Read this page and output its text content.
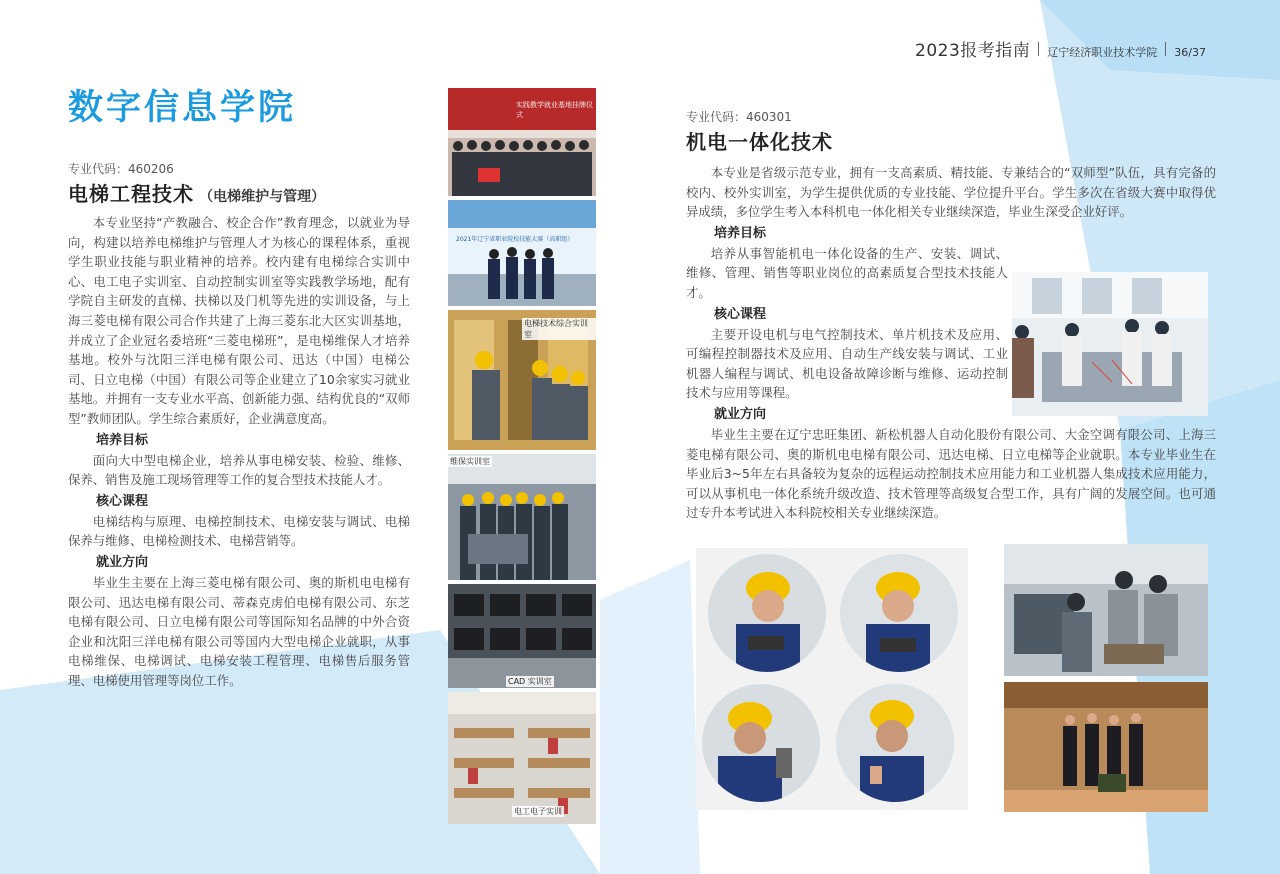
2023报考指南 辽宁经济职业技术学院 36/37
数字信息学院
专业代码：460206
电梯工程技术 （电梯维护与管理）

本专业坚持“产教融合、校企合作”教育理念，以就业为导向，构建以培养电梯维护与管理人才为核心的课程体系，重视学生职业技能与职业精神的培养。校内建有电梯综合实训中心、电工电子实训室、自动控制实训室等实践教学场地，配有学院自主研发的直梯、扶梯以及门机等先进的实训设备，与上海三菱电梯有限公司合作共建了上海三菱东北大区实训基地，并成立了企业冠名委培班“三菱电梯班”，是电梯维保人才培养基地。校外与沈阳三洋电梯有限公司、迅达（中国）电梯公司、日立电梯（中国）有限公司等企业建立了10余家实习就业基地。并拥有一支专业水平高、创新能力强、结构优良的“双师型”教师团队。学生综合素质好，企业满意度高。

培养目标

面向大中型电梯企业，培养从事电梯安装、检验、维修、保养、销售及施工现场管理等工作的复合型技术技能人才。

核心课程

电梯结构与原理、电梯控制技术、电梯安装与调试、电梯保养与维修、电梯检测技术、电梯营销等。

就业方向

毕业生主要在上海三菱电梯有限公司、奥的斯机电电梯有限公司、迅达电梯有限公司、蒂森克虏伯电梯有限公司、东芝电梯有限公司、日立电梯有限公司等国际知名品牌的中外合资企业和沈阳三洋电梯有限公司等国内大型电梯企业就职，从事电梯维保、电梯调试、电梯安装工程管理、电梯售后服务管理、电梯使用管理等岗位工作。

实践教学就业基地挂牌仪式
2021年辽宁省职业院校技能大赛（高职组）
电梯技术综合实训室
维保实训室
CAD 实训室
电工电子实训
专业代码：460301
机电一体化技术

本专业是省级示范专业，拥有一支高素质、精技能、专兼结合的“双师型”队伍，具有完备的校内、校外实训室，为学生提供优质的专业技能、学位提升平台。学生多次在省级大赛中取得优异成绩，多位学生考入本科机电一体化相关专业继续深造，毕业生深受企业好评。

培养目标

培养从事智能机电一体化设备的生产、安装、调试、维修、管理、销售等职业岗位的高素质复合型技术技能人才。

核心课程

主要开设电机与电气控制技术、单片机技术及应用、可编程控制器技术及应用、自动生产线安装与调试、工业机器人编程与调试、机电设备故障诊断与维修、运动控制技术与应用等课程。

就业方向

毕业生主要在辽宁忠旺集团、新松机器人自动化股份有限公司、大金空调有限公司、上海三菱电梯有限公司、奥的斯机电电梯有限公司、迅达电梯、日立电梯等企业就职。本专业毕业生在毕业后3~5年左右具备较为复杂的远程运动控制技术应用能力和工业机器人集成技术应用能力，可以从事机电一体化系统升级改造、技术管理等高级复合型工作，具有广阔的发展空间。也可通过专升本考试进入本科院校相关专业继续深造。
